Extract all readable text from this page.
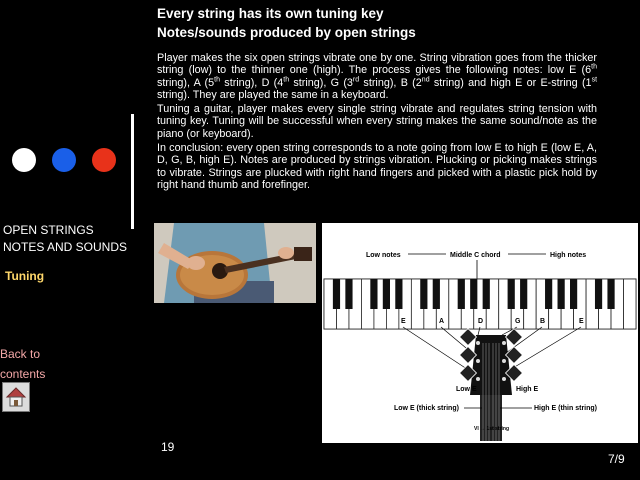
OPEN STRINGS
NOTES AND SOUNDS
Tuning
Back to
contents
Every string has its own tuning key
Notes/sounds produced by open strings

Player makes the six open strings vibrate one by one. String vibration goes from the thicker string (low) to the thinner one (high). The process gives the following notes: low E (6th string), A (5th string), D (4th string), G (3rd string), B (2nd string) and high E or E-string (1st string). They are played the same in a keyboard.

Tuning a guitar, player makes every single string vibrate and regulates string tension with tuning key. Tuning will be successful when every string makes the same sound/note as the piano (or keyboard).

In conclusion: every open string corresponds to a note going from low E to high E (low E, A, D, G, B, high E). Notes are produced by strings vibration. Plucking or picking makes strings to vibrate. Strings are plucked with right hand fingers and picked with a plastic pick hold by right hand thumb and forefinger.

Low notes	Middle C chord	High notes
E	A	D	G	B	E
Low E	High E
Low E (thick string)	High E (thin string)
VI → 1st string
19
7/9
